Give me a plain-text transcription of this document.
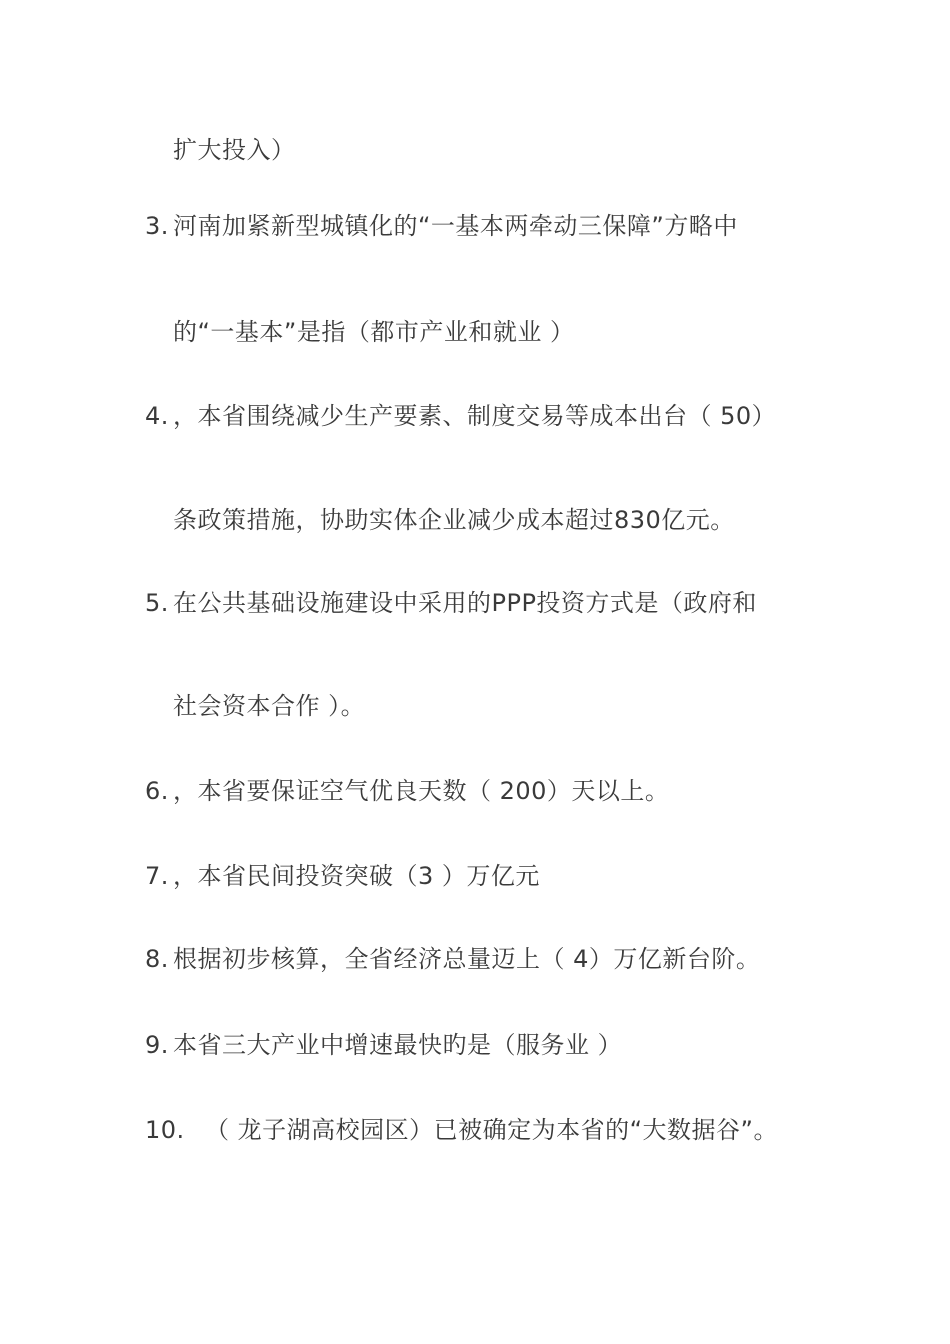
扩大投入）
3. 河南加紧新型城镇化的“一基本两牵动三保障”方略中
的“一基本”是指（都市产业和就业 ）
4. ，本省围绕减少生产要素、制度交易等成本出台（ 50）
条政策措施，协助实体企业减少成本超过830亿元。
5. 在公共基础设施建设中采用的PPP投资方式是（政府和
社会资本合作 ）。
6. ，本省要保证空气优良天数（ 200）天以上。
7. ，本省民间投资突破（3 ）万亿元
8. 根据初步核算，全省经济总量迈上（ 4）万亿新台阶。
9. 本省三大产业中增速最快旳是（服务业 ）
10. （ 龙子湖高校园区）已被确定为本省的“大数据谷”。
